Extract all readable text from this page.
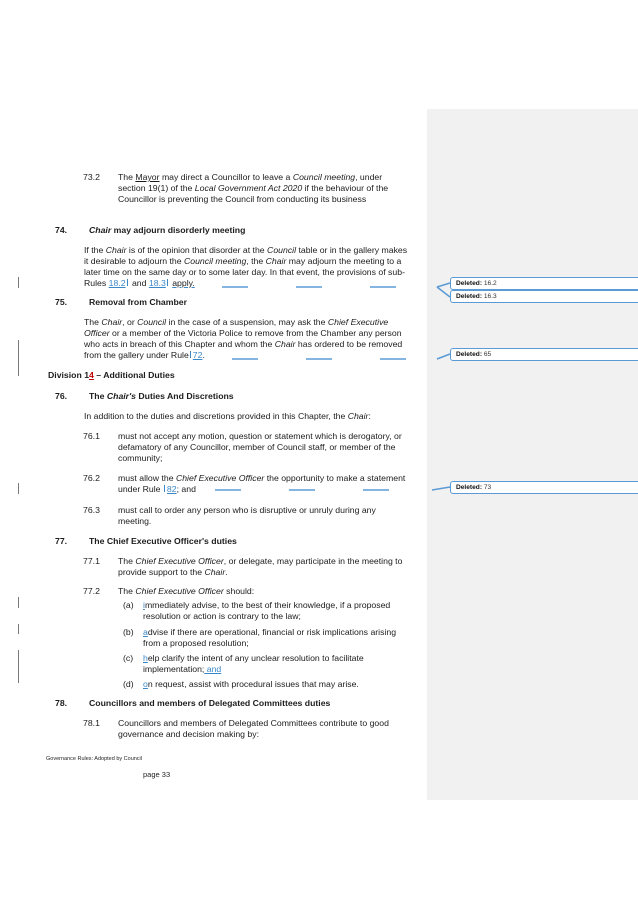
73.2	The Mayor may direct a Councillor to leave a Council meeting, under
section 19(1) of the Local Government Act 2020 if the behaviour of the
Councillor is preventing the Council from conducting its business
74.	Chair may adjourn disorderly meeting
If the Chair is of the opinion that disorder at the Council table or in the gallery makes
it desirable to adjourn the Council meeting, the Chair may adjourn the meeting to a
later time on the same day or to some later day. In that event, the provisions of sub-
Rules 18.2 and 18.3 apply.
75.	Removal from Chamber
The Chair, or Council in the case of a suspension, may ask the Chief Executive
Officer or a member of the Victoria Police to remove from the Chamber any person
who acts in breach of this Chapter and whom the Chair has ordered to be removed
from the gallery under Rule 72.
Division 14 – Additional Duties
76.	The Chair's Duties And Discretions
In addition to the duties and discretions provided in this Chapter, the Chair:
76.1	must not accept any motion, question or statement which is derogatory, or
defamatory of any Councillor, member of Council staff, or member of the
community;
76.2	must allow the Chief Executive Officer the opportunity to make a statement
under Rule 82; and
76.3	must call to order any person who is disruptive or unruly during any
meeting.
77.	The Chief Executive Officer's duties
77.1	The Chief Executive Officer, or delegate, may participate in the meeting to
provide support to the Chair.
77.2	The Chief Executive Officer should:
(a)	immediately advise, to the best of their knowledge, if a proposed
resolution or action is contrary to the law;
(b)	advise if there are operational, financial or risk implications arising
from a proposed resolution;
(c)	help clarify the intent of any unclear resolution to facilitate
implementation; and
(d)	on request, assist with procedural issues that may arise.
78.	Councillors and members of Delegated Committees duties
78.1	Councillors and members of Delegated Committees contribute to good
governance and decision making by:
Deleted: 16.2
Deleted: 16.3
Deleted: 65
Deleted: 73
Governance Rules: Adopted by Council
page 33
